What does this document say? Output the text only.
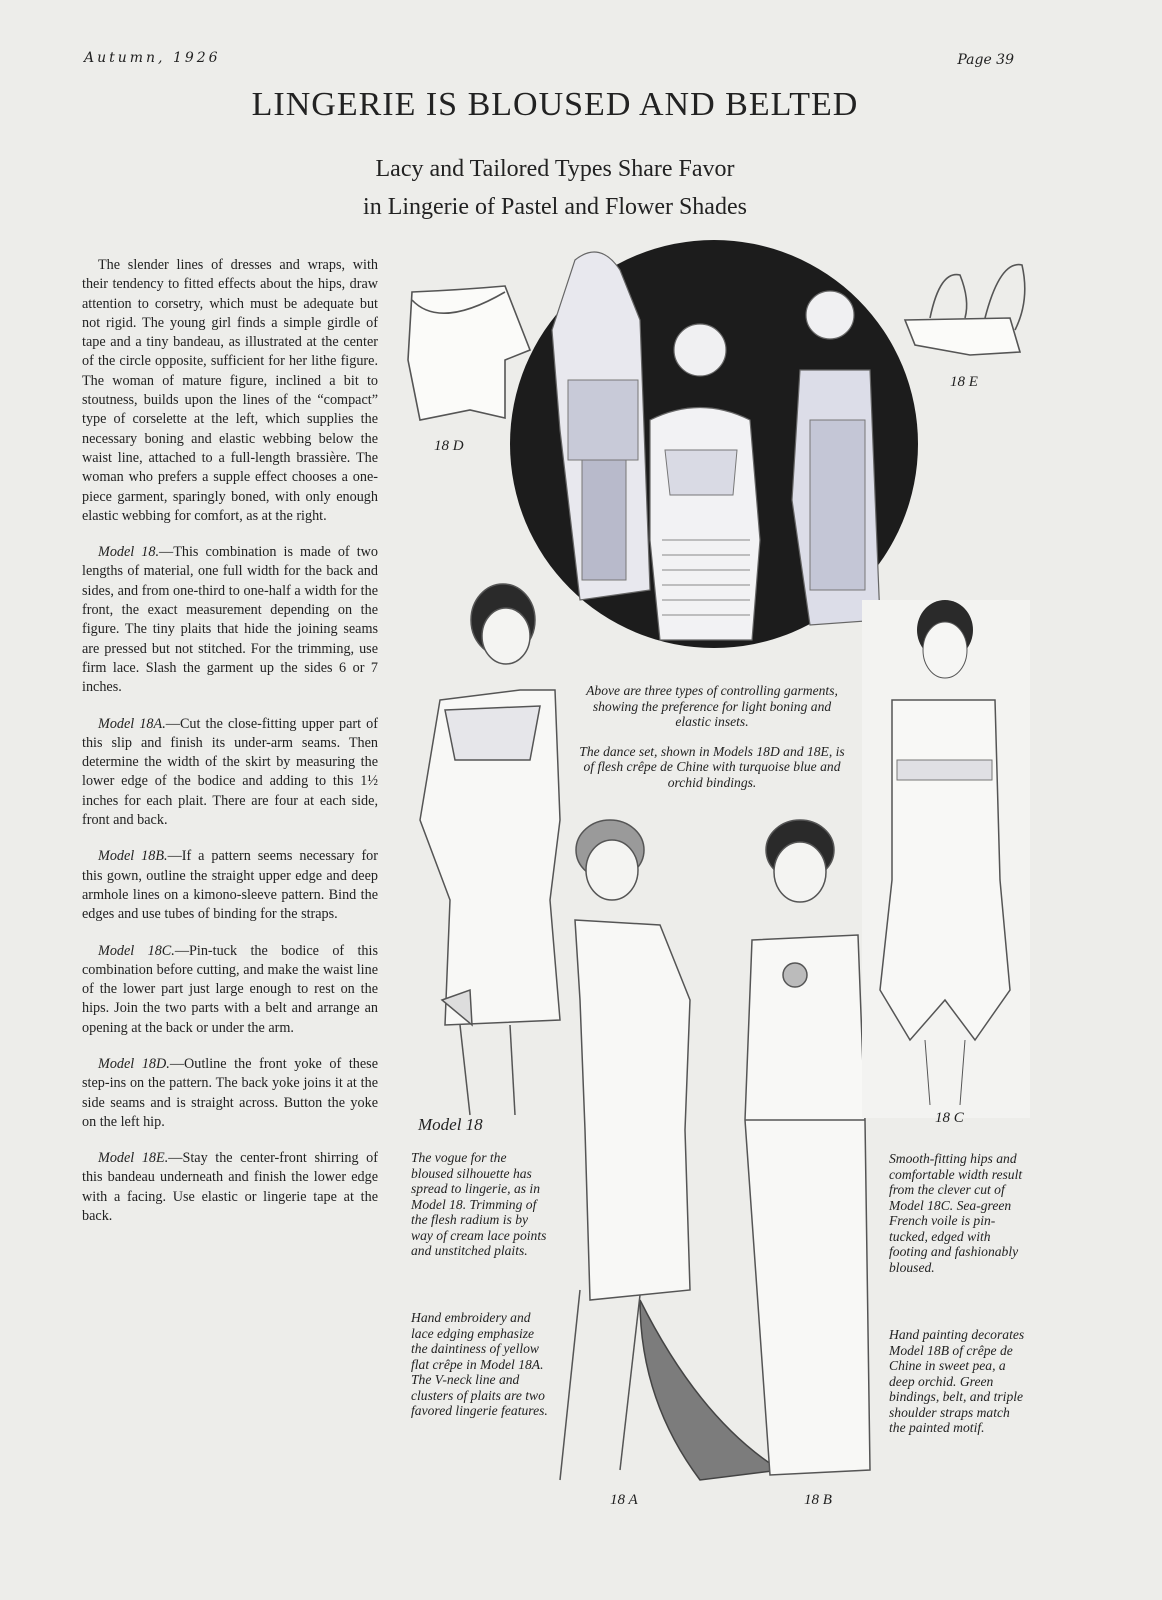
Autumn, 1926	Page 39
LINGERIE IS BLOUSED AND BELTED
Lacy and Tailored Types Share Favor
in Lingerie of Pastel and Flower Shades

The slender lines of dresses and wraps, with their tendency to fitted effects about the hips, draw attention to corsetry, which must be adequate but not rigid. The young girl finds a simple girdle of tape and a tiny bandeau, as illustrated at the center of the circle opposite, sufficient for her lithe figure. The woman of mature figure, inclined a bit to stoutness, builds upon the lines of the “compact” type of corselette at the left, which supplies the necessary boning and elastic webbing below the waist line, attached to a full-length brassière. The woman who prefers a supple effect chooses a one-piece garment, sparingly boned, with only enough elastic webbing for comfort, as at the right.

Model 18.—This combination is made of two lengths of material, one full width for the back and sides, and from one-third to one-half a width for the front, the exact measurement depending on the figure. The tiny plaits that hide the joining seams are pressed but not stitched. For the trimming, use firm lace. Slash the garment up the sides 6 or 7 inches.

Model 18A.—Cut the close-fitting upper part of this slip and finish its under-arm seams. Then determine the width of the skirt by measuring the lower edge of the bodice and adding to this 1½ inches for each plait. There are four at each side, front and back.

Model 18B.—If a pattern seems necessary for this gown, outline the straight upper edge and deep armhole lines on a kimono-sleeve pattern. Bind the edges and use tubes of binding for the straps.

Model 18C.—Pin-tuck the bodice of this combination before cutting, and make the waist line of the lower part just large enough to rest on the hips. Join the two parts with a belt and arrange an opening at the back or under the arm.

Model 18D.—Outline the front yoke of these step-ins on the pattern. The back yoke joins it at the side seams and is straight across. Button the yoke on the left hip.

Model 18E.—Stay the center-front shirring of this bandeau underneath and finish the lower edge with a facing. Use elastic or lingerie tape at the back.

18 D
18 E
Model 18	18 C
18 A	18 B

Above are three types of controlling garments, showing the preference for light boning and elastic insets.

The dance set, shown in Models 18D and 18E, is of flesh crêpe de Chine with turquoise blue and orchid bindings.

The vogue for the bloused silhouette has spread to lingerie, as in Model 18. Trimming of the flesh radium is by way of cream lace points and unstitched plaits.

Hand embroidery and lace edging emphasize the daintiness of yellow flat crêpe in Model 18A. The V-neck line and clusters of plaits are two favored lingerie features.

Smooth-fitting hips and comfortable width result from the clever cut of Model 18C. Sea-green French voile is pin-tucked, edged with footing and fashionably bloused.

Hand painting decorates Model 18B of crêpe de Chine in sweet pea, a deep orchid. Green bindings, belt, and triple shoulder straps match the painted motif.
